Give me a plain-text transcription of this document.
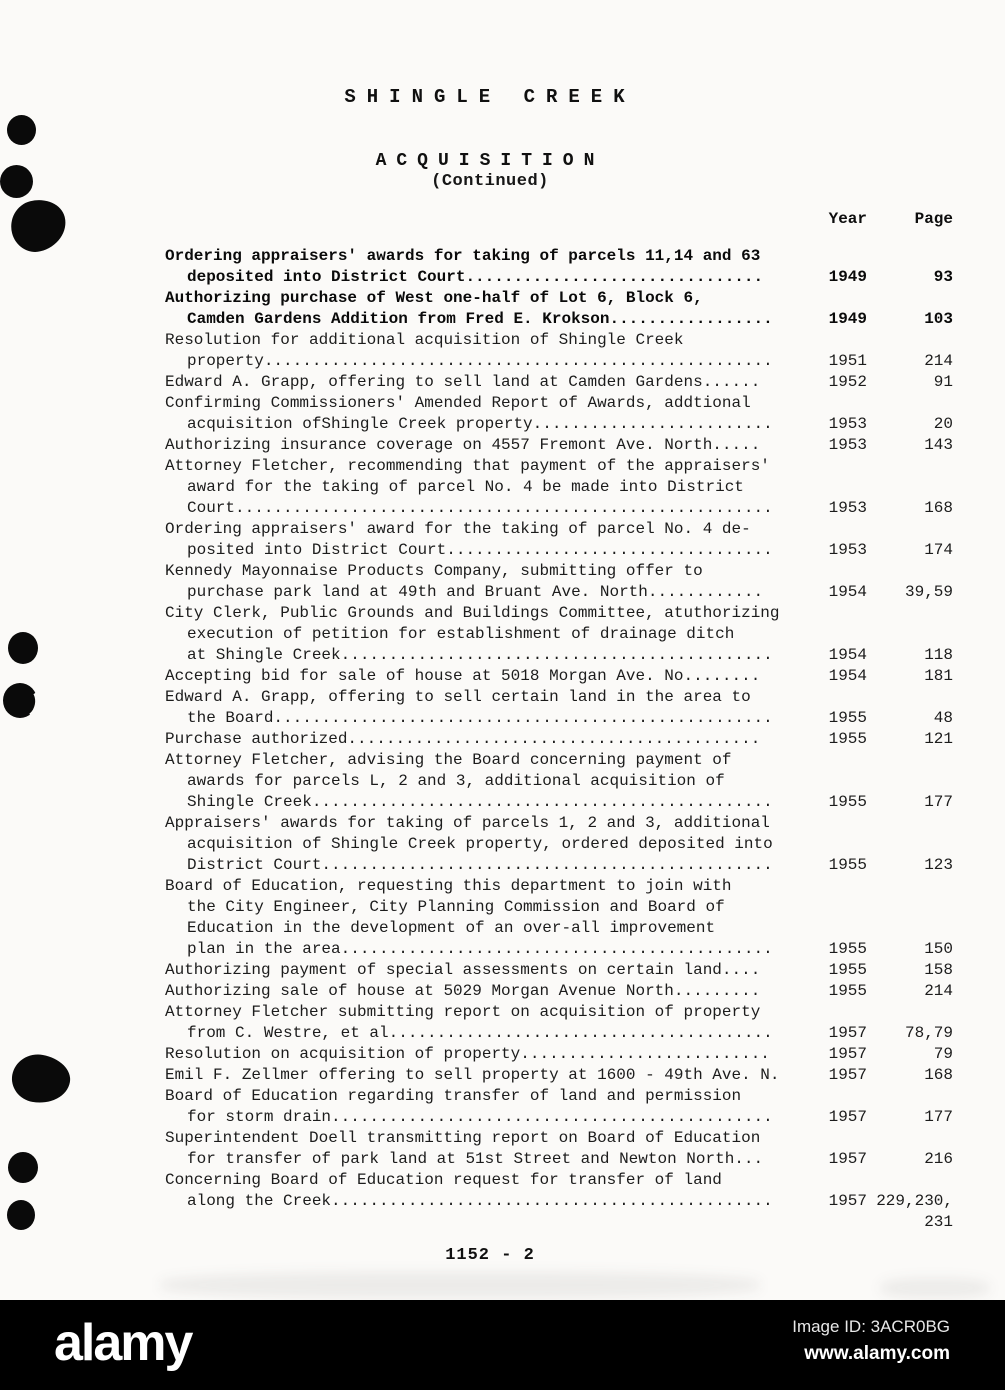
SHINGLE CREEK
ACQUISITION
(Continued)
Year	Page
Ordering appraisers' awards for taking of parcels 11,14 and 63
deposited into District Court...............................	1949	93
Authorizing purchase of West one-half of Lot 6, Block 6,
Camden Gardens Addition from Fred E. Krokson.................	1949	103
Resolution for additional acquisition of Shingle Creek
property.....................................................	1951	214
Edward A. Grapp, offering to sell land at Camden Gardens......	1952	91
Confirming Commissioners' Amended Report of Awards, addtional
acquisition ofShingle Creek property.........................	1953	20
Authorizing insurance coverage on 4557 Fremont Ave. North.....	1953	143
Attorney Fletcher, recommending that payment of the appraisers'
award for the taking of parcel No. 4 be made into District
Court........................................................	1953	168
Ordering appraisers' award for the taking of parcel No. 4 de-
posited into District Court..................................	1953	174
Kennedy Mayonnaise Products Company, submitting offer to
purchase park land at 49th and Bruant Ave. North............	1954	39,59
City Clerk, Public Grounds and Buildings Committee, atuthorizing
execution of petition for establishment of drainage ditch
at Shingle Creek.............................................	1954	118
Accepting bid for sale of house at 5018 Morgan Ave. No........	1954	181
Edward A. Grapp, offering to sell certain land in the area to
the Board....................................................	1955	48
Purchase authorized...........................................	1955	121
Attorney Fletcher, advising the Board concerning payment of
awards for parcels L, 2 and 3, additional acquisition of
Shingle Creek................................................	1955	177
Appraisers' awards for taking of parcels 1, 2 and 3, additional
acquisition of Shingle Creek property, ordered deposited into
District Court...............................................	1955	123
Board of Education, requesting this department to join with
the City Engineer, City Planning Commission and Board of
Education in the development of an over-all improvement
plan in the area.............................................	1955	150
Authorizing payment of special assessments on certain land....	1955	158
Authorizing sale of house at 5029 Morgan Avenue North.........	1955	214
Attorney Fletcher submitting report on acquisition of property
from C. Westre, et al........................................	1957	78,79
Resolution on acquisition of property..........................	1957	79
Emil F. Zellmer offering to sell property at 1600 - 49th Ave. N.	1957	168
Board of Education regarding transfer of land and permission
for storm drain..............................................	1957	177
Superintendent Doell transmitting report on Board of Education
for transfer of park land at 51st Street and Newton North...	1957	216
Concerning Board of Education request for transfer of land
along the Creek..............................................	1957 229,230,
231
1152 - 2
alamy	Image ID: 3ACR0BG
www.alamy.com
